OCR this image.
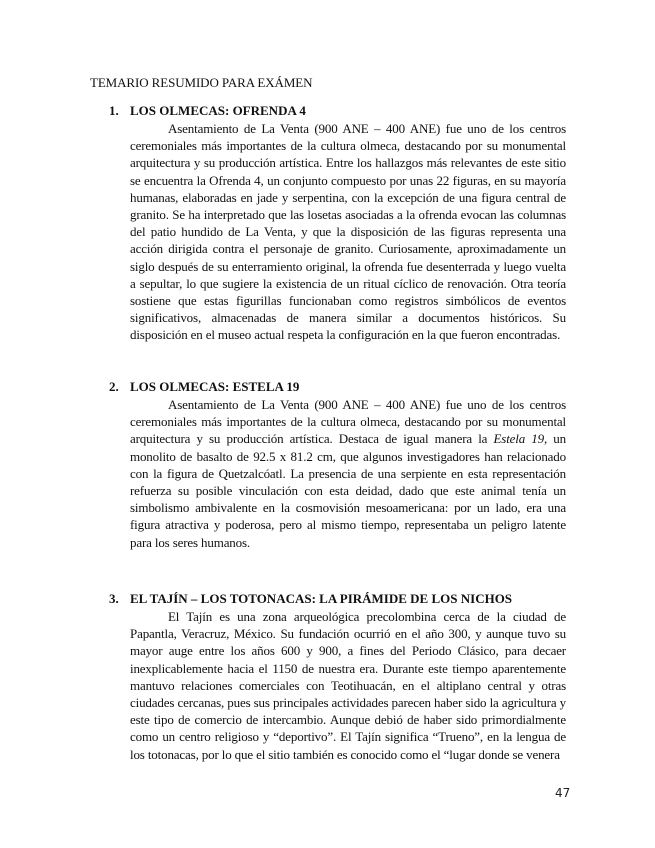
TEMARIO RESUMIDO PARA EXÁMEN
1. LOS OLMECAS: OFRENDA 4
Asentamiento de La Venta (900 ANE – 400 ANE) fue uno de los centros ceremoniales más importantes de la cultura olmeca, destacando por su monumental arquitectura y su producción artística. Entre los hallazgos más relevantes de este sitio se encuentra la Ofrenda 4, un conjunto compuesto por unas 22 figuras, en su mayoría humanas, elaboradas en jade y serpentina, con la excepción de una figura central de granito. Se ha interpretado que las losetas asociadas a la ofrenda evocan las columnas del patio hundido de La Venta, y que la disposición de las figuras representa una acción dirigida contra el personaje de granito. Curiosamente, aproximadamente un siglo después de su enterramiento original, la ofrenda fue desenterrada y luego vuelta a sepultar, lo que sugiere la existencia de un ritual cíclico de renovación. Otra teoría sostiene que estas figurillas funcionaban como registros simbólicos de eventos significativos, almacenadas de manera similar a documentos históricos. Su disposición en el museo actual respeta la configuración en la que fueron encontradas.
2. LOS OLMECAS: ESTELA 19
Asentamiento de La Venta (900 ANE – 400 ANE) fue uno de los centros ceremoniales más importantes de la cultura olmeca, destacando por su monumental arquitectura y su producción artística. Destaca de igual manera la Estela 19, un monolito de basalto de 92.5 x 81.2 cm, que algunos investigadores han relacionado con la figura de Quetzalcóatl. La presencia de una serpiente en esta representación refuerza su posible vinculación con esta deidad, dado que este animal tenía un simbolismo ambivalente en la cosmovisión mesoamericana: por un lado, era una figura atractiva y poderosa, pero al mismo tiempo, representaba un peligro latente para los seres humanos.
3. EL TAJÍN – LOS TOTONACAS: LA PIRÁMIDE DE LOS NICHOS
El Tajín es una zona arqueológica precolombina cerca de la ciudad de Papantla, Veracruz, México. Su fundación ocurrió en el año 300, y aunque tuvo su mayor auge entre los años 600 y 900, a fines del Periodo Clásico, para decaer inexplicablemente hacia el 1150 de nuestra era. Durante este tiempo aparentemente mantuvo relaciones comerciales con Teotihuacán, en el altiplano central y otras ciudades cercanas, pues sus principales actividades parecen haber sido la agricultura y este tipo de comercio de intercambio. Aunque debió de haber sido primordialmente como un centro religioso y “deportivo”. El Tajín significa “Trueno”, en la lengua de los totonacas, por lo que el sitio también es conocido como el “lugar donde se venera
47
